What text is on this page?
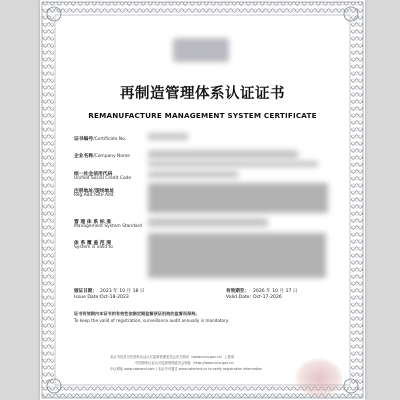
再制造管理体系认证证书
REMANUFACTURE MANAGEMENT SYSTEM CERTIFICATE
证书编号/Certificate No.
企业名称/Company Name
统一社会信用代码
Unified Social Credit Code
注册地址/现场地址
Reg.Add./Site Add.
管 理 体 系 标 准
Management System Standard
体 系 覆 盖 范 围
System is valid to
颁证日期： 2023 年 10 月 18 日
Issue Date: Oct-18-2023
有效期至： 2026 年 10 月 17 日
Valid Date: Oct-17-2026
证书有效期内本证书的有效性依据定期监督获证机构的监督而保持。
To keep the valid of registration, surveillance audit annually is mandatory.
本证书信息可在国家认证认可监督管理委员会官方网站（www.cnca.gov.cn）上查询
中国国家认证认可监督管理委员会网址（http://www.cnca.gov.cn）
中认网址 www.cabrand.com / 本证书可通过 www.caterund.cn to verify registration information
